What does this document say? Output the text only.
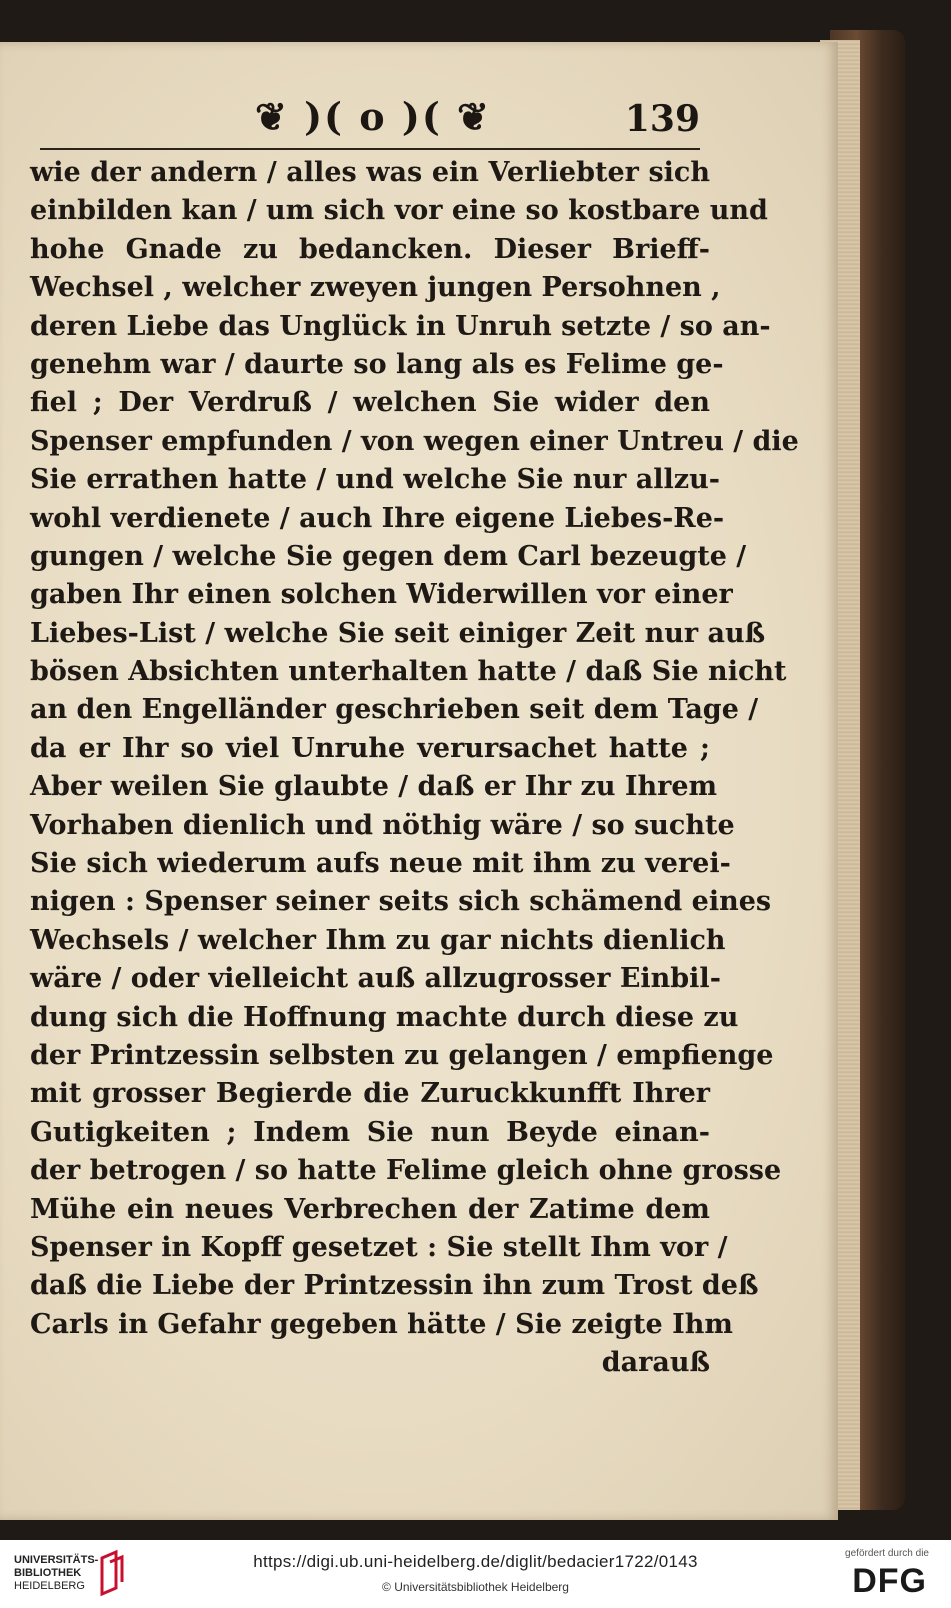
❦ )( o )( ❦	139
wie der andern / alles was ein Verliebter sich
einbilden kan / um sich vor eine so kostbare und
hohe Gnade zu bedancken. Dieser Brieff-
Wechsel , welcher zweyen jungen Persohnen ,
deren Liebe das Unglück in Unruh setzte / so an-
genehm war / daurte so lang als es Felime ge-
fiel ; Der Verdruß / welchen Sie wider den
Spenser empfunden / von wegen einer Untreu / die
Sie errathen hatte / und welche Sie nur allzu-
wohl verdienete / auch Ihre eigene Liebes-Re-
gungen / welche Sie gegen dem Carl bezeugte /
gaben Ihr einen solchen Widerwillen vor einer
Liebes-List / welche Sie seit einiger Zeit nur auß
bösen Absichten unterhalten hatte / daß Sie nicht
an den Engelländer geschrieben seit dem Tage /
da er Ihr so viel Unruhe verursachet hatte ;
Aber weilen Sie glaubte / daß er Ihr zu Ihrem
Vorhaben dienlich und nöthig wäre / so suchte
Sie sich wiederum aufs neue mit ihm zu verei-
nigen : Spenser seiner seits sich schämend eines
Wechsels / welcher Ihm zu gar nichts dienlich
wäre / oder vielleicht auß allzugrosser Einbil-
dung sich die Hoffnung machte durch diese zu
der Printzessin selbsten zu gelangen / empfienge
mit grosser Begierde die Zuruckkunfft Ihrer
Gutigkeiten ; Indem Sie nun Beyde einan-
der betrogen / so hatte Felime gleich ohne grosse
Mühe ein neues Verbrechen der Zatime dem
Spenser in Kopff gesetzet : Sie stellt Ihm vor /
daß die Liebe der Printzessin ihn zum Trost deß
Carls in Gefahr gegeben hätte / Sie zeigte Ihm
darauß
UNIVERSITÄTS-
BIBLIOTHEK
HEIDELBERG
https://digi.ub.uni-heidelberg.de/diglit/bedacier1722/0143
© Universitätsbibliothek Heidelberg
gefördert durch die
DFG
